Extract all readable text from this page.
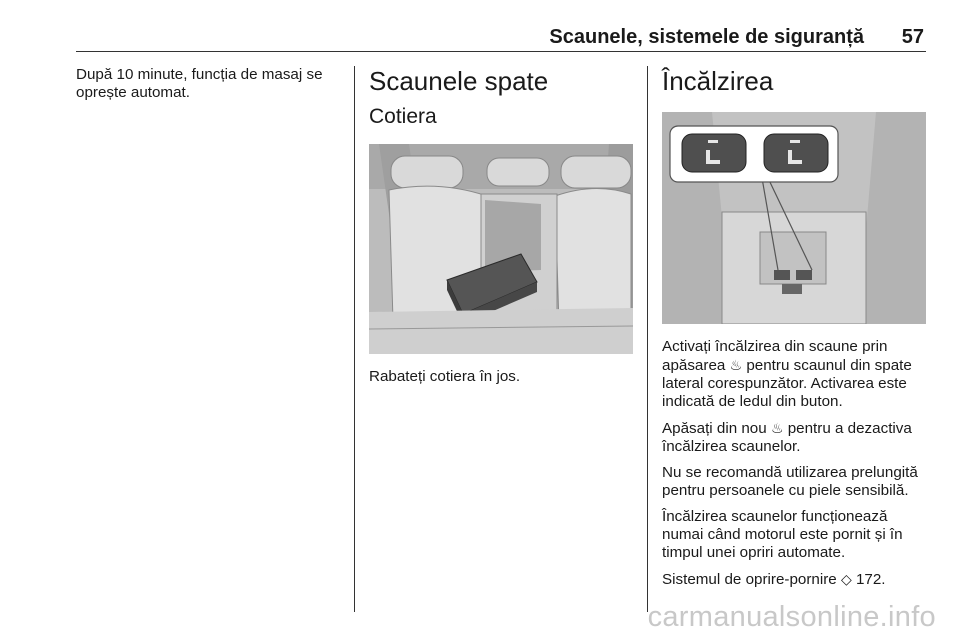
Scaunele, sistemele de siguranță 57

După 10 minute, funcția de masaj se oprește automat.	Scaunele spate
Cotiera

Rabateți cotiera în jos.

Încălzirea

Activați încălzirea din scaune prin apăsarea ♨ pentru scaunul din spate lateral corespunzător. Activarea este indicată de ledul din buton.

Apăsați din nou ♨ pentru a dezactiva încălzirea scaunelor.

Nu se recomandă utilizarea prelungită pentru persoanele cu piele sensibilă.

Încălzirea scaunelor funcționează numai când motorul este pornit și în timpul unei opriri automate.

Sistemul de oprire-pornire ◇ 172.

carmanualsonline.info
